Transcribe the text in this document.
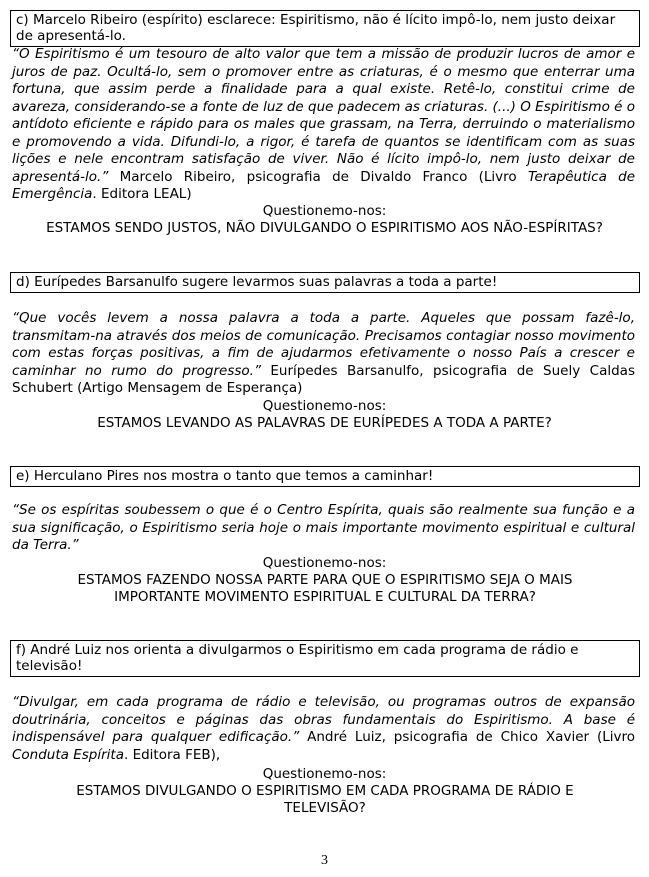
c) Marcelo Ribeiro (espírito) esclarece: Espiritismo, não é lícito impô-lo, nem justo deixar de apresentá-lo.
“O Espiritismo é um tesouro de alto valor que tem a missão de produzir lucros de amor e juros de paz. Ocultá-lo, sem o promover entre as criaturas, é o mesmo que enterrar uma fortuna, que assim perde a finalidade para a qual existe. Retê-lo, constitui crime de avareza, considerando-se a fonte de luz de que padecem as criaturas. (...) O Espiritismo é o antídoto eficiente e rápido para os males que grassam, na Terra, derruindo o materialismo e promovendo a vida. Difundi-lo, a rigor, é tarefa de quantos se identificam com as suas lições e nele encontram satisfação de viver. Não é lícito impô-lo, nem justo deixar de apresentá-lo.” Marcelo Ribeiro, psicografia de Divaldo Franco (Livro Terapêutica de Emergência. Editora LEAL)
Questionemo-nos:
ESTAMOS SENDO JUSTOS, NÃO DIVULGANDO O ESPIRITISMO AOS NÃO-ESPÍRITAS?
d) Eurípedes Barsanulfo sugere levarmos suas palavras a toda a parte!
“Que vocês levem a nossa palavra a toda a parte. Aqueles que possam fazê-lo, transmitam-na através dos meios de comunicação. Precisamos contagiar nosso movimento com estas forças positivas, a fim de ajudarmos efetivamente o nosso País a crescer e caminhar no rumo do progresso.” Eurípedes Barsanulfo, psicografia de Suely Caldas Schubert (Artigo Mensagem de Esperança)
Questionemo-nos:
ESTAMOS LEVANDO AS PALAVRAS DE EURÍPEDES A TODA A PARTE?
e) Herculano Pires nos mostra o tanto que temos a caminhar!
“Se os espíritas soubessem o que é o Centro Espírita, quais são realmente sua função e a sua significação, o Espiritismo seria hoje o mais importante movimento espiritual e cultural da Terra.”
Questionemo-nos:
ESTAMOS FAZENDO NOSSA PARTE PARA QUE O ESPIRITISMO SEJA O MAIS IMPORTANTE MOVIMENTO ESPIRITUAL E CULTURAL DA TERRA?
f) André Luiz nos orienta a divulgarmos o Espiritismo em cada programa de rádio e televisão!
“Divulgar, em cada programa de rádio e televisão, ou programas outros de expansão doutrinária, conceitos e páginas das obras fundamentais do Espiritismo. A base é indispensável para qualquer edificação.” André Luiz, psicografia de Chico Xavier (Livro Conduta Espírita. Editora FEB),
Questionemo-nos:
ESTAMOS DIVULGANDO O ESPIRITISMO EM CADA PROGRAMA DE RÁDIO E TELEVISÃO?
3
